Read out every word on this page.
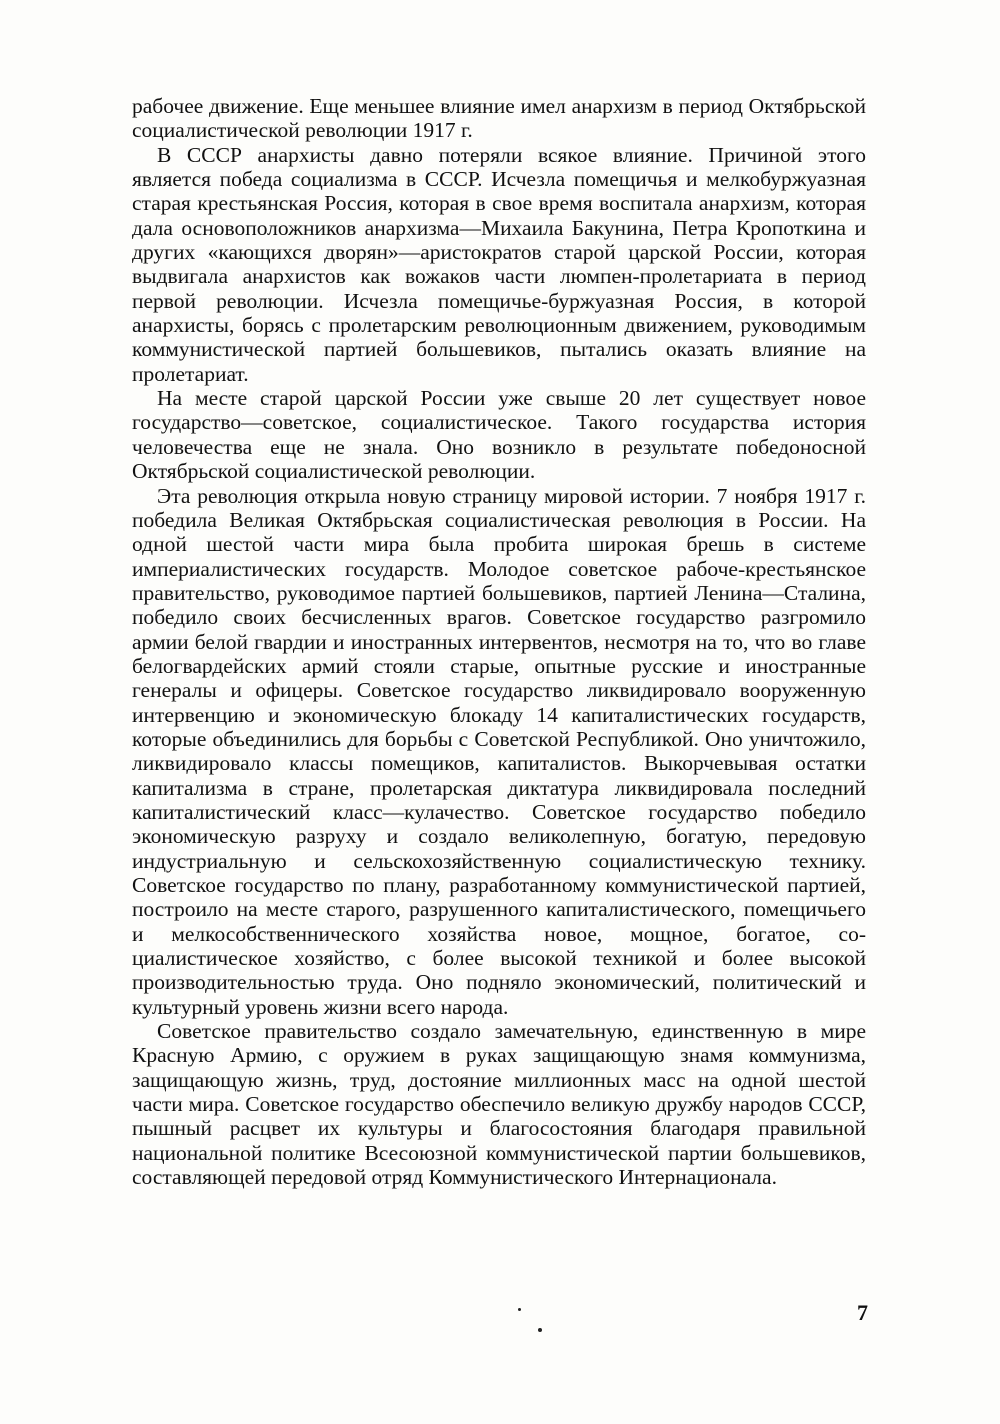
рабочее движение. Еще меньшее влияние имел анархизм в период Октябрьской социалистической революции 1917 г.

В СССР анархисты давно потеряли всякое влияние. Причиной этого является победа социализма в СССР. Исчезла помещичья и мелкобуржуазная старая крестьянская Россия, которая в свое время воспитала анархизм, которая дала основоположников анархизма—Михаила Бакунина, Петра Кропоткина и других «кающихся дворян»—аристократов старой царской России, которая выдвигала анархистов как вожаков части люмпен-пролетариата в период первой революции. Исчезла помещичье-буржуазная Россия, в которой анархисты, борясь с пролетарским революционным движением, руководимым коммунистической партией большевиков, пытались оказать влияние на пролетариат.

На месте старой царской России уже свыше 20 лет существует новое государство—советское, социалистическое. Такого государства история человечества еще не знала. Оно возникло в результате победоносной Октябрьской социалистической революции.

Эта революция открыла новую страницу мировой истории. 7 ноября 1917 г. победила Великая Октябрьская социалистическая революция в России. На одной шестой части мира была пробита широкая брешь в системе империалистических государств. Молодое советское рабоче-крестьянское правительство, руководимое партией большевиков, партией Ленина—Сталина, победило своих бесчисленных врагов. Советское государство разгромило армии белой гвардии и иностранных интервентов, несмотря на то, что во главе белогвардейских армий стояли старые, опытные русские и иностранные генералы и офицеры. Советское государство ликвидировало вооруженную интервенцию и экономическую блокаду 14 капиталистических государств, которые объединились для борьбы с Советской Республикой. Оно уничтожило, ликвидировало классы помещиков, капиталистов. Выкорчевывая остатки капитализма в стране, пролетарская диктатура ликвидировала последний капиталистический класс—кулачество. Советское государство победило экономическую разруху и создало великолепную, богатую, передовую индустриальную и сельскохозяйственную социалистическую технику. Советское государство по плану, разработанному коммунистической партией, построило на месте старого, разрушенного капиталистического, помещичьего и мелкособственнического хозяйства новое, мощное, богатое, социалистическое хозяйство, с более высокой техникой и более высокой производительностью труда. Оно подняло экономический, политический и культурный уровень жизни всего народа.

Советское правительство создало замечательную, единственную в мире Красную Армию, с оружием в руках защищающую знамя коммунизма, защищающую жизнь, труд, достояние миллионных масс на одной шестой части мира. Советское государство обеспечило великую дружбу народов СССР, пышный расцвет их культуры и благосостояния благодаря правильной национальной политике Всесоюзной коммунистической партии большевиков, составляющей передовой отряд Коммунистического Интернационала.

7
